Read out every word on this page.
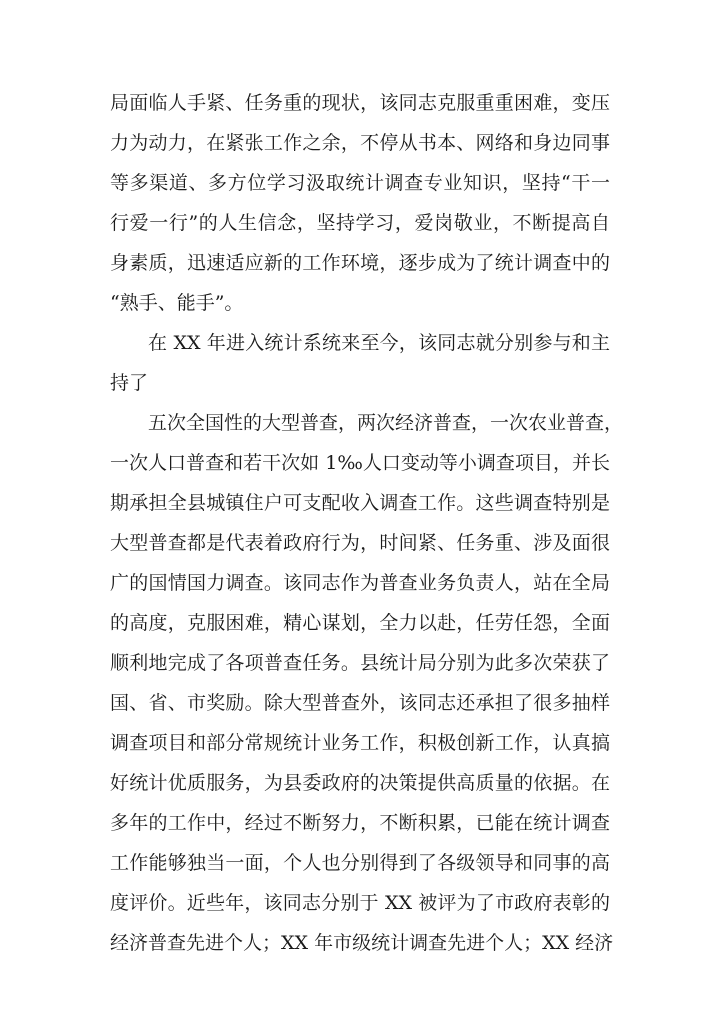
局面临人手紧、任务重的现状，该同志克服重重困难，变压
力为动力，在紧张工作之余，不停从书本、网络和身边同事
等多渠道、多方位学习汲取统计调查专业知识，坚持“干一
行爱一行”的人生信念，坚持学习，爱岗敬业，不断提高自
身素质，迅速适应新的工作环境，逐步成为了统计调查中的
“熟手、能手”。
在 XX 年进入统计系统来至今，该同志就分别参与和主
持了
五次全国性的大型普查，两次经济普查，一次农业普查，
一次人口普查和若干次如 1‰人口变动等小调查项目，并长
期承担全县城镇住户可支配收入调查工作。这些调查特别是
大型普查都是代表着政府行为，时间紧、任务重、涉及面很
广的国情国力调查。该同志作为普查业务负责人，站在全局
的高度，克服困难，精心谋划，全力以赴，任劳任怨，全面
顺利地完成了各项普查任务。县统计局分别为此多次荣获了
国、省、市奖励。除大型普查外，该同志还承担了很多抽样
调查项目和部分常规统计业务工作，积极创新工作，认真搞
好统计优质服务，为县委政府的决策提供高质量的依据。在
多年的工作中，经过不断努力，不断积累，已能在统计调查
工作能够独当一面，个人也分别得到了各级领导和同事的高
度评价。近些年，该同志分别于 XX 被评为了市政府表彰的
经济普查先进个人；XX 年市级统计调查先进个人；XX 经济
